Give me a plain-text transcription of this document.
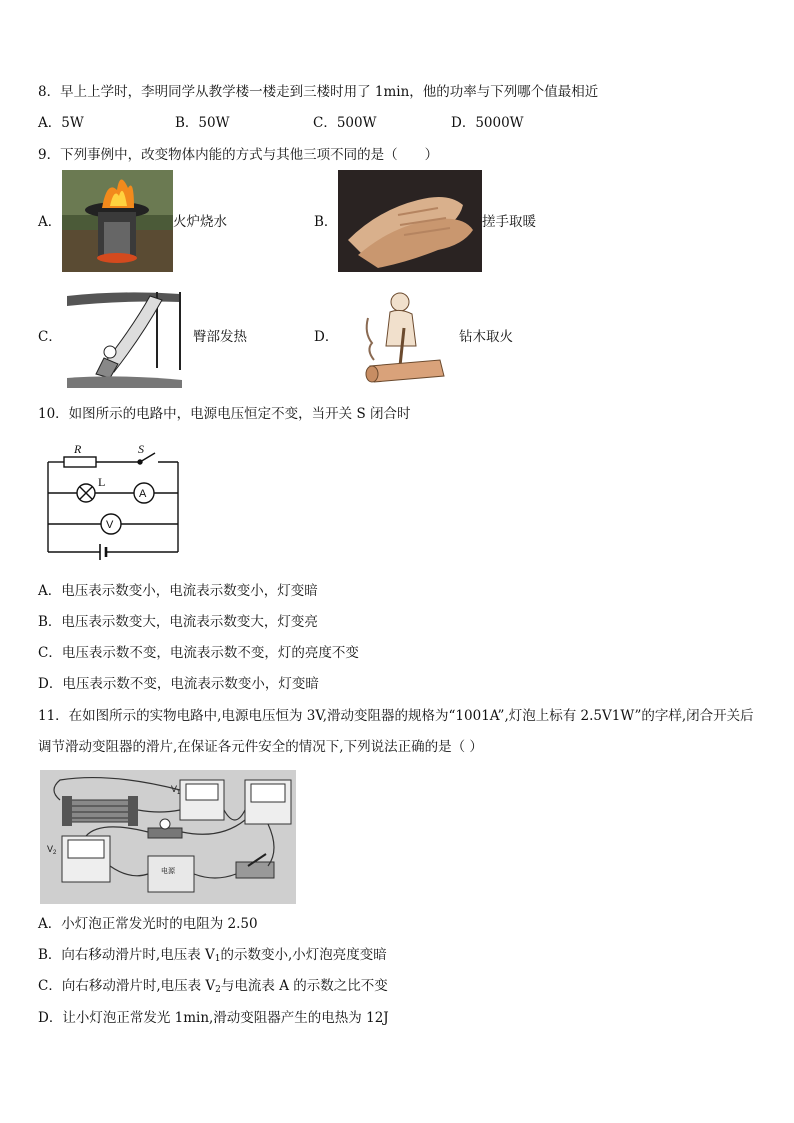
8．早上上学时，李明同学从教学楼一楼走到三楼时用了 1min，他的功率与下列哪个值最相近
A．5W	B．50W	C．500W	D．5000W
9．下列事例中，改变物体内能的方式与其他三项不同的是（　　）
A．	火炉烧水	B．	搓手取暖
C．	臀部发热	D．	钻木取火
10．如图所示的电路中，电源电压恒定不变，当开关 S 闭合时
R	S
L
A
V
A．电压表示数变小，电流表示数变小，灯变暗
B．电压表示数变大，电流表示数变大，灯变亮
C．电压表示数不变，电流表示数不变，灯的亮度不变
D．电压表示数不变，电流表示数变小，灯变暗
11．在如图所示的实物电路中,电源电压恒为 3V,滑动变阻器的规格为“1001A”,灯泡上标有 2.5V1W”的字样,闭合开关后
调节滑动变阻器的滑片,在保证各元件安全的情况下,下列说法正确的是（ ）
$V_1$
$V_2$
电源
A．小灯泡正常发光时的电阻为 2.50
B．向右移动滑片时,电压表 $V_1$的示数变小,小灯泡亮度变暗
C．向右移动滑片时,电压表 $V_2$与电流表 A 的示数之比不变
D．让小灯泡正常发光 1min,滑动变阻器产生的电热为 12J
